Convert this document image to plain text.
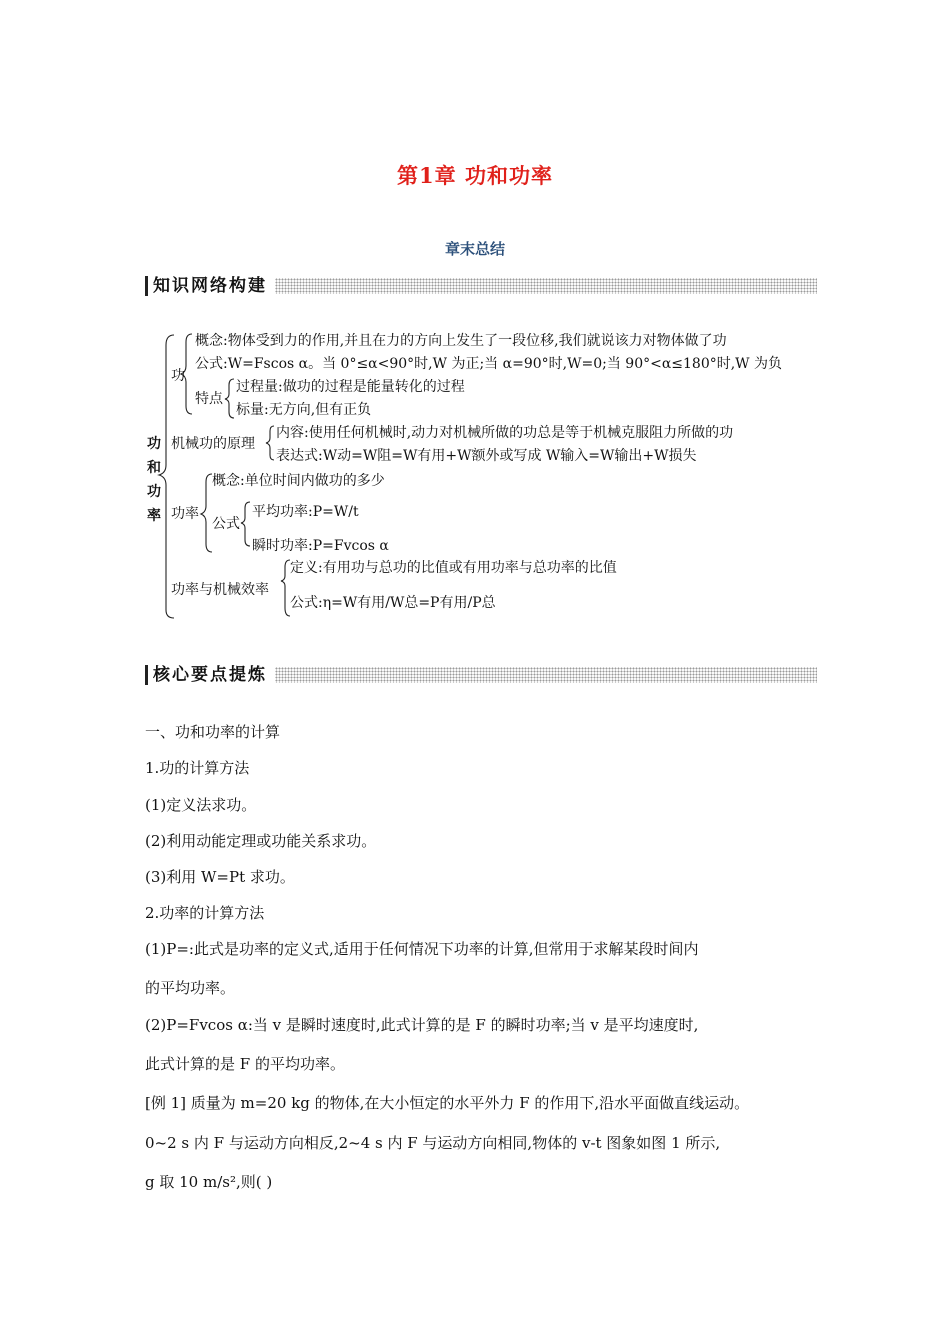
第1章 功和功率
章末总结
知识网络构建
功和功率
功
概念:物体受到力的作用,并且在力的方向上发生了一段位移,我们就说该力对物体做了功
公式:W=Fscos α。当 0°≤α<90°时,W 为正;当 α=90°时,W=0;当 90°<α≤180°时,W 为负
特点
过程量:做功的过程是能量转化的过程
标量:无方向,但有正负
机械功的原理
内容:使用任何机械时,动力对机械所做的功总是等于机械克服阻力所做的功
表达式:W动=W阻=W有用+W额外或写成 W输入=W输出+W损失
功率
概念:单位时间内做功的多少
公式
平均功率:P=W/t
瞬时功率:P=Fvcos α
功率与机械效率
定义:有用功与总功的比值或有用功率与总功率的比值
公式:η=W有用/W总=P有用/P总
核心要点提炼
一、功和功率的计算
1.功的计算方法
(1)定义法求功。
(2)利用动能定理或功能关系求功。
(3)利用 W=Pt 求功。
2.功率的计算方法
(1)P=:此式是功率的定义式,适用于任何情况下功率的计算,但常用于求解某段时间内
的平均功率。
(2)P=Fvcos α:当 v 是瞬时速度时,此式计算的是 F 的瞬时功率;当 v 是平均速度时,
此式计算的是 F 的平均功率。
[例 1] 质量为 m=20 kg 的物体,在大小恒定的水平外力 F 的作用下,沿水平面做直线运动。
0~2 s 内 F 与运动方向相反,2~4 s 内 F 与运动方向相同,物体的 v-t 图象如图 1 所示,
g 取 10 m/s²,则( )
